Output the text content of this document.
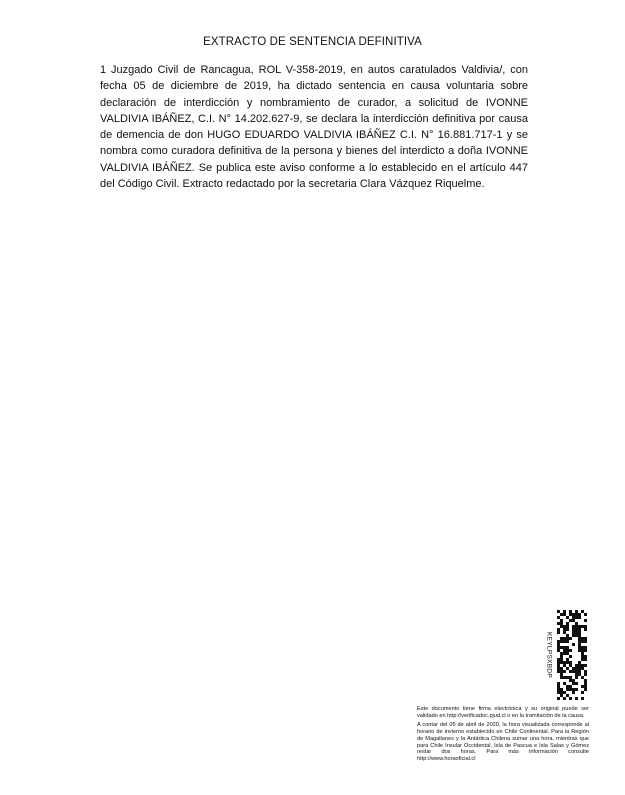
EXTRACTO DE SENTENCIA DEFINITIVA

1 Juzgado Civil de Rancagua, ROL V-358-2019, en autos caratulados Valdivia/, con fecha 05 de diciembre de 2019, ha dictado sentencia en causa voluntaria sobre declaración de interdicción y nombramiento de curador, a solicitud de IVONNE VALDIVIA IBÁÑEZ, C.I. N° 14.202.627-9, se declara la interdicción definitiva por causa de demencia de don HUGO EDUARDO VALDIVIA IBÁÑEZ C.I. N° 16.881.717-1 y se nombra como curadora definitiva de la persona y bienes del interdicto a doña IVONNE VALDIVIA IBÁÑEZ. Se publica este aviso conforme a lo establecido en el artículo 447 del Código Civil. Extracto redactado por la secretaria Clara Vázquez Riquelme.

KEYLPSXBDP

Este documento tiene firma electrónica y su original puede ser validado en http://verificadoc.pjud.cl o en la tramitación de la causa.

A contar del 05 de abril de 2020, la hora visualizada corresponde al horario de invierno establecido en Chile Continental. Para la Región de Magallanes y la Antártica Chilena sumar una hora, mientras que para Chile Insular Occidental, Isla de Pascua e Isla Salas y Gómez restar dos horas. Para más información consulte http://www.horaoficial.cl
